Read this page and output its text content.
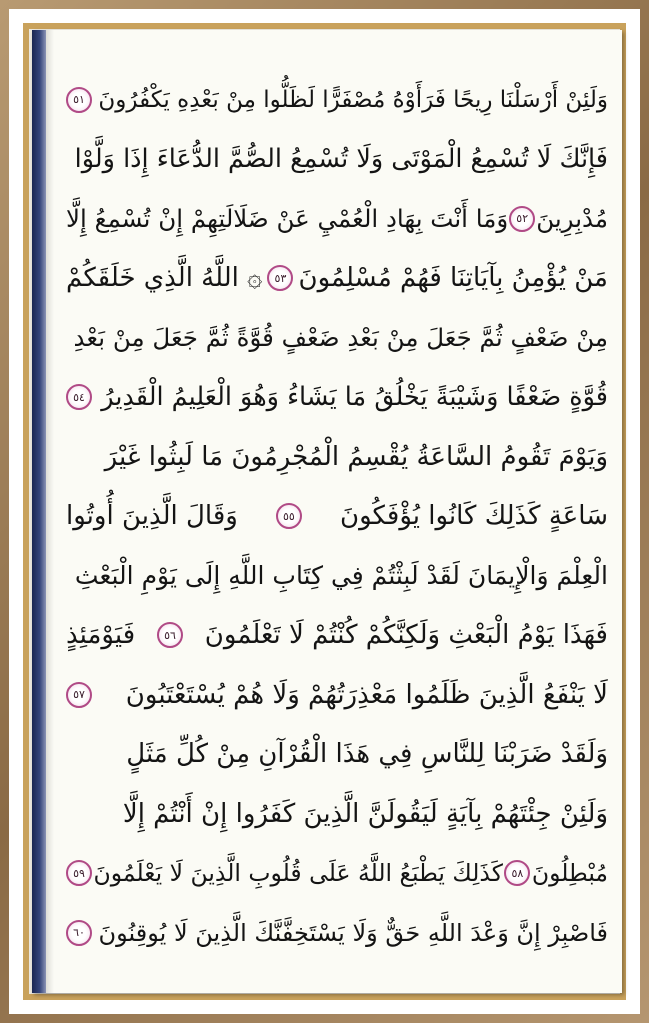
وَلَئِنْ أَرْسَلْنَا رِيحًا فَرَأَوْهُ مُصْفَرًّا لَظَلُّوا مِنْ بَعْدِهِ يَكْفُرُونَ
٥١
فَإِنَّكَ لَا تُسْمِعُ الْمَوْتَى وَلَا تُسْمِعُ الصُّمَّ الدُّعَاءَ إِذَا وَلَّوْا
مُدْبِرِينَ
٥٢
وَمَا أَنْتَ بِهَادِ الْعُمْيِ عَنْ ضَلَالَتِهِمْ إِنْ تُسْمِعُ إِلَّا
مَنْ يُؤْمِنُ بِآيَاتِنَا فَهُمْ مُسْلِمُونَ
٥٣
۞ اللَّهُ الَّذِي خَلَقَكُمْ
مِنْ ضَعْفٍ ثُمَّ جَعَلَ مِنْ بَعْدِ ضَعْفٍ قُوَّةً ثُمَّ جَعَلَ مِنْ بَعْدِ
قُوَّةٍ ضَعْفًا وَشَيْبَةً يَخْلُقُ مَا يَشَاءُ وَهُوَ الْعَلِيمُ الْقَدِيرُ
٥٤
وَيَوْمَ تَقُومُ السَّاعَةُ يُقْسِمُ الْمُجْرِمُونَ مَا لَبِثُوا غَيْرَ
سَاعَةٍ كَذَلِكَ كَانُوا يُؤْفَكُونَ
٥٥
وَقَالَ الَّذِينَ أُوتُوا
الْعِلْمَ وَالْإِيمَانَ لَقَدْ لَبِثْتُمْ فِي كِتَابِ اللَّهِ إِلَى يَوْمِ الْبَعْثِ
فَهَذَا يَوْمُ الْبَعْثِ وَلَكِنَّكُمْ كُنْتُمْ لَا تَعْلَمُونَ
٥٦
فَيَوْمَئِذٍ
لَا يَنْفَعُ الَّذِينَ ظَلَمُوا مَعْذِرَتُهُمْ وَلَا هُمْ يُسْتَعْتَبُونَ
٥٧
وَلَقَدْ ضَرَبْنَا لِلنَّاسِ فِي هَذَا الْقُرْآنِ مِنْ كُلِّ مَثَلٍ
وَلَئِنْ جِئْتَهُمْ بِآيَةٍ لَيَقُولَنَّ الَّذِينَ كَفَرُوا إِنْ أَنْتُمْ إِلَّا
مُبْطِلُونَ
٥٨
كَذَلِكَ يَطْبَعُ اللَّهُ عَلَى قُلُوبِ الَّذِينَ لَا يَعْلَمُونَ
٥٩
فَاصْبِرْ إِنَّ وَعْدَ اللَّهِ حَقٌّ وَلَا يَسْتَخِفَّنَّكَ الَّذِينَ لَا يُوقِنُونَ
٦٠
